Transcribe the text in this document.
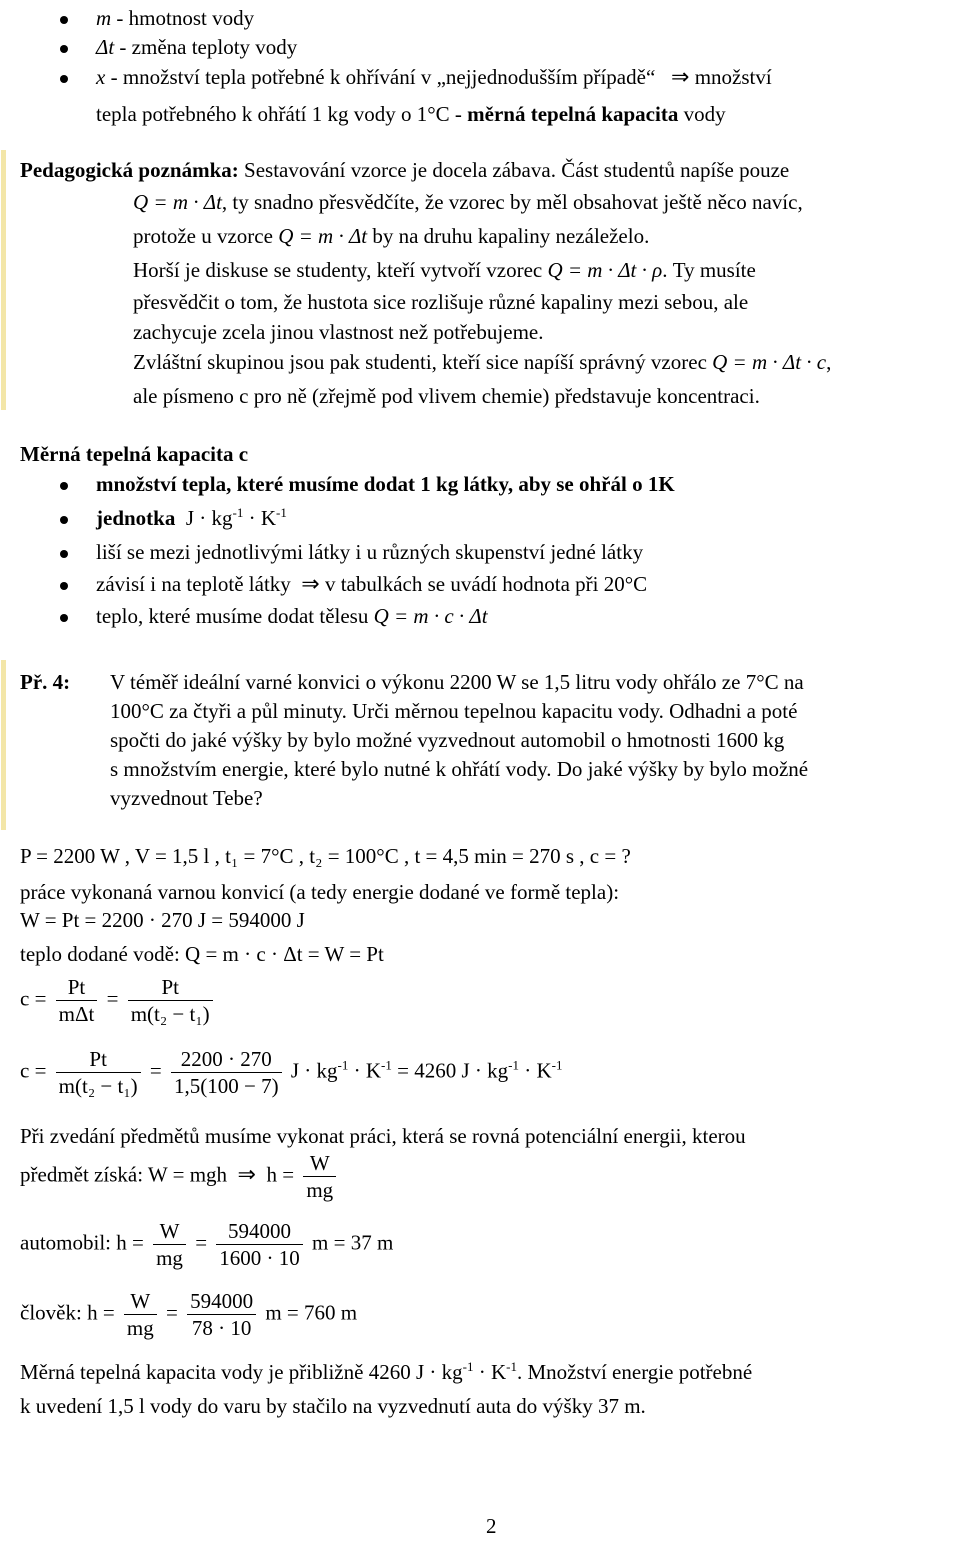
m - hmotnost vody
Δt - změna teploty vody
x - množství tepla potřebné k ohřívání v „nejjednodušším případě“ ⇒ množství
tepla potřebného k ohřátí 1 kg vody o 1°C - měrná tepelná kapacita vody
Pedagogická poznámka: Sestavování vzorce je docela zábava. Část studentů napíše pouze
Q = m · Δt, ty snadno přesvědčíte, že vzorec by měl obsahovat ještě něco navíc,
protože u vzorce Q = m · Δt by na druhu kapaliny nezáleželo.
Horší je diskuse se studenty, kteří vytvoří vzorec Q = m · Δt · ρ. Ty musíte
přesvědčit o tom, že hustota sice rozlišuje různé kapaliny mezi sebou, ale
zachycuje zcela jinou vlastnost než potřebujeme.
Zvláštní skupinou jsou pak studenti, kteří sice napíší správný vzorec Q = m · Δt · c,
ale písmeno c pro ně (zřejmě pod vlivem chemie) představuje koncentraci.
Měrná tepelná kapacita c
množství tepla, které musíme dodat 1 kg látky, aby se ohřál o 1K
jednotka $J \cdot kg^{-1} \cdot K^{-1}$
liší se mezi jednotlivými látky i u různých skupenství jedné látky
závisí i na teplotě látky ⇒ v tabulkách se uvádí hodnota při 20°C
teplo, které musíme dodat tělesu Q = m · c · Δt
Př. 4: V téměř ideální varné konvici o výkonu 2200 W se 1,5 litru vody ohřálo ze 7°C na
100°C za čtyři a půl minuty. Urči měrnou tepelnou kapacitu vody. Odhadni a poté
spočti do jaké výšky by bylo možné vyzvednout automobil o hmotnosti 1600 kg
s množstvím energie, které bylo nutné k ohřátí vody. Do jaké výšky by bylo možné
vyzvednout Tebe?
P = 2200 W , V = 1,5 l , t₁ = 7°C , t₂ = 100°C , t = 4,5 min = 270 s , c = ?
práce vykonaná varnou konvicí (a tedy energie dodané ve formě tepla):
W = Pt = 2200 · 270 J = 594000 J
teplo dodané vodě: Q = m · c · Δt = W = Pt
$c = \frac{Pt}{\text{mΔt}} = \frac{Pt}{\text{m(t₂ − t₁)}}$
$c = \frac{Pt}{\text{m(t₂ − t₁)}} = \frac{2200 \cdot 270}{1,5(100 - 7)}$ $J \cdot kg^{-1} \cdot K^{-1} = 4260$ $J \cdot kg^{-1} \cdot K^{-1}$
Při zvedání předmětů musíme vykonat práci, která se rovná potenciální energii, kterou
předmět získá: W = mgh ⇒ $h = \frac{W}{mg}$
automobil: $h = \frac{W}{mg} = \frac{594000}{1600 \cdot 10}$ m = 37 m
člověk: $h = \frac{W}{mg} = \frac{594000}{78 \cdot 10}$ m = 760 m
Měrná tepelná kapacita vody je přibližně 4260 $J \cdot kg^{-1} \cdot K^{-1}$. Množství energie potřebné
k uvedení 1,5 l vody do varu by stačilo na vyzvednutí auta do výšky 37 m.
2
